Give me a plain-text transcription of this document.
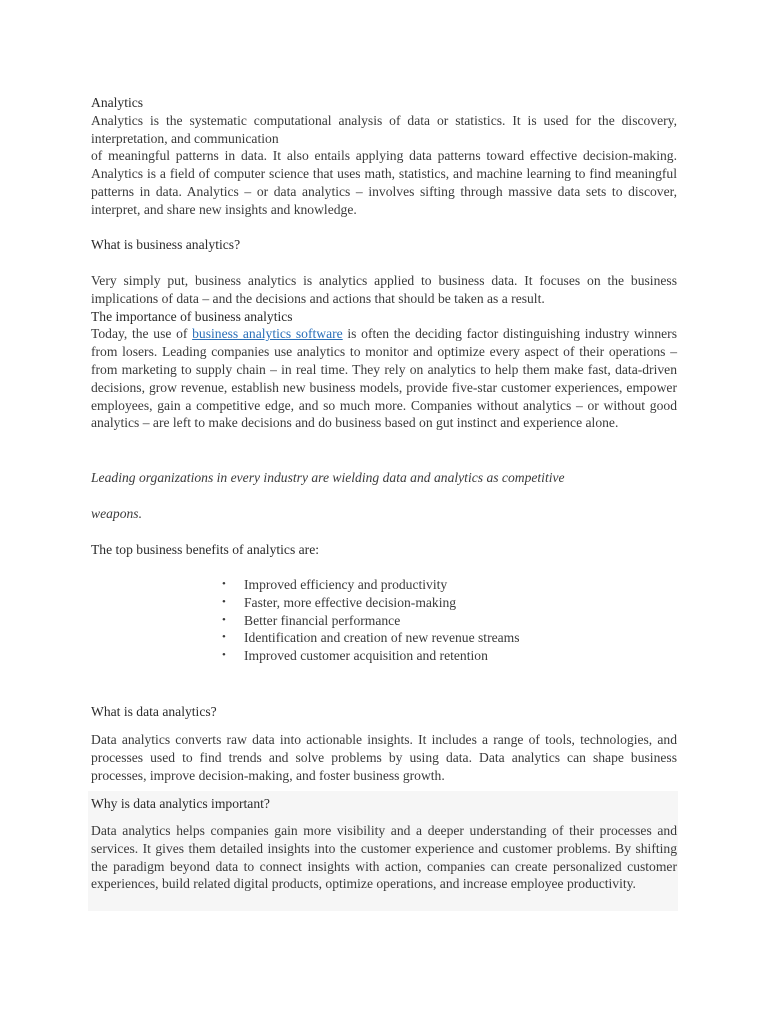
Analytics

Analytics is the systematic computational analysis of data or statistics. It is used for the discovery, interpretation, and communication

of meaningful patterns in data. It also entails applying data patterns toward effective decision-making. Analytics is a field of computer science that uses math, statistics, and machine learning to find meaningful patterns in data. Analytics – or data analytics – involves sifting through massive data sets to discover, interpret, and share new insights and knowledge.

What is business analytics?

Very simply put, business analytics is analytics applied to business data. It focuses on the business implications of data – and the decisions and actions that should be taken as a result.

The importance of business analytics

Today, the use of business analytics software is often the deciding factor distinguishing industry winners from losers. Leading companies use analytics to monitor and optimize every aspect of their operations – from marketing to supply chain – in real time. They rely on analytics to help them make fast, data-driven decisions, grow revenue, establish new business models, provide five-star customer experiences, empower employees, gain a competitive edge, and so much more. Companies without analytics – or without good analytics – are left to make decisions and do business based on gut instinct and experience alone.

Leading organizations in every industry are wielding data and analytics as competitive

weapons.

The top business benefits of analytics are:

• Improved efficiency and productivity
• Faster, more effective decision-making
• Better financial performance
• Identification and creation of new revenue streams
• Improved customer acquisition and retention

What is data analytics?

Data analytics converts raw data into actionable insights. It includes a range of tools, technologies, and processes used to find trends and solve problems by using data. Data analytics can shape business processes, improve decision-making, and foster business growth.

Why is data analytics important?

Data analytics helps companies gain more visibility and a deeper understanding of their processes and services. It gives them detailed insights into the customer experience and customer problems. By shifting the paradigm beyond data to connect insights with action, companies can create personalized customer experiences, build related digital products, optimize operations, and increase employee productivity.
